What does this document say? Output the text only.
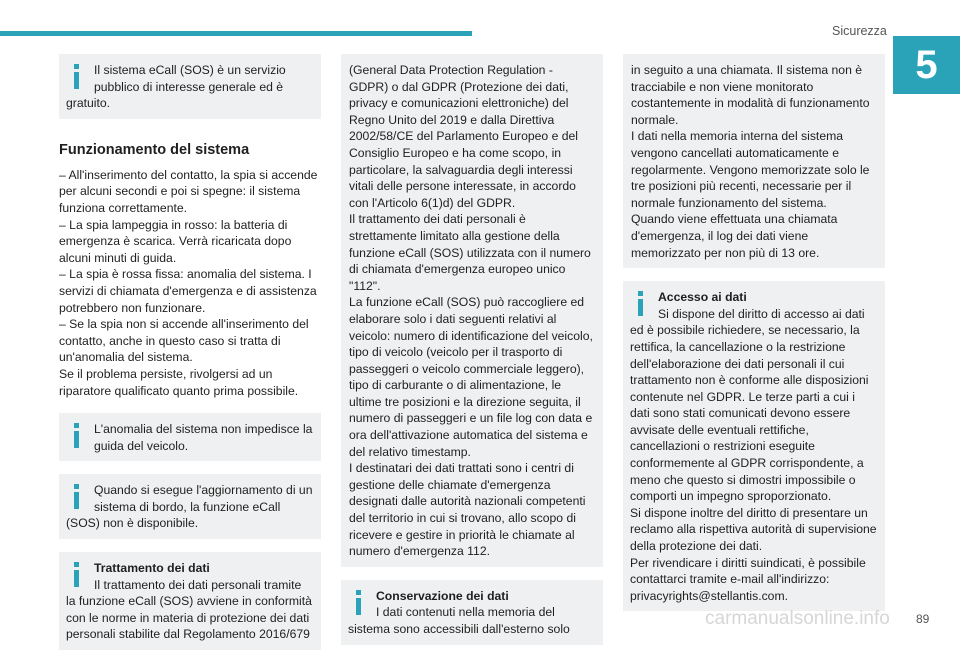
Sicurezza
5

Il sistema eCall (SOS) è un servizio pubblico di interesse generale ed è gratuito.

Funzionamento del sistema

– All'inserimento del contatto, la spia si accende per alcuni secondi e poi si spegne: il sistema funziona correttamente.
– La spia lampeggia in rosso: la batteria di emergenza è scarica. Verrà ricaricata dopo alcuni minuti di guida.
– La spia è rossa fissa: anomalia del sistema. I servizi di chiamata d'emergenza e di assistenza potrebbero non funzionare.
– Se la spia non si accende all'inserimento del contatto, anche in questo caso si tratta di un'anomalia del sistema.
Se il problema persiste, rivolgersi ad un riparatore qualificato quanto prima possibile.

L'anomalia del sistema non impedisce la guida del veicolo.

Quando si esegue l'aggiornamento di un sistema di bordo, la funzione eCall (SOS) non è disponibile.

Trattamento dei dati

Il trattamento dei dati personali tramite la funzione eCall (SOS) avviene in conformità con le norme in materia di protezione dei dati personali stabilite dal Regolamento 2016/679

(General Data Protection Regulation - GDPR) o dal GDPR (Protezione dei dati, privacy e comunicazioni elettroniche) del Regno Unito del 2019 e dalla Direttiva 2002/58/CE del Parlamento Europeo e del Consiglio Europeo e ha come scopo, in particolare, la salvaguardia degli interessi vitali delle persone interessate, in accordo con l'Articolo 6(1)d) del GDPR.
Il trattamento dei dati personali è strettamente limitato alla gestione della funzione eCall (SOS) utilizzata con il numero di chiamata d'emergenza europeo unico "112".
La funzione eCall (SOS) può raccogliere ed elaborare solo i dati seguenti relativi al veicolo: numero di identificazione del veicolo, tipo di veicolo (veicolo per il trasporto di passeggeri o veicolo commerciale leggero), tipo di carburante o di alimentazione, le ultime tre posizioni e la direzione seguita, il numero di passeggeri e un file log con data e ora dell'attivazione automatica del sistema e del relativo timestamp.
I destinatari dei dati trattati sono i centri di gestione delle chiamate d'emergenza designati dalle autorità nazionali competenti del territorio in cui si trovano, allo scopo di ricevere e gestire in priorità le chiamate al numero d'emergenza 112.

Conservazione dei dati

I dati contenuti nella memoria del sistema sono accessibili dall'esterno solo

in seguito a una chiamata. Il sistema non è tracciabile e non viene monitorato costantemente in modalità di funzionamento normale.
I dati nella memoria interna del sistema vengono cancellati automaticamente e regolarmente. Vengono memorizzate solo le tre posizioni più recenti, necessarie per il normale funzionamento del sistema.
Quando viene effettuata una chiamata d'emergenza, il log dei dati viene memorizzato per non più di 13 ore.

Accesso ai dati

Si dispone del diritto di accesso ai dati ed è possibile richiedere, se necessario, la rettifica, la cancellazione o la restrizione dell'elaborazione dei dati personali il cui trattamento non è conforme alle disposizioni contenute nel GDPR. Le terze parti a cui i dati sono stati comunicati devono essere avvisate delle eventuali rettifiche, cancellazioni o restrizioni eseguite conformemente al GDPR corrispondente, a meno che questo si dimostri impossibile o comporti un impegno sproporzionato.
Si dispone inoltre del diritto di presentare un reclamo alla rispettiva autorità di supervisione della protezione dei dati.
Per rivendicare i diritti suindicati, è possibile contattarci tramite e-mail all'indirizzo: privacyrights@stellantis.com.

carmanualsonline.info 89
